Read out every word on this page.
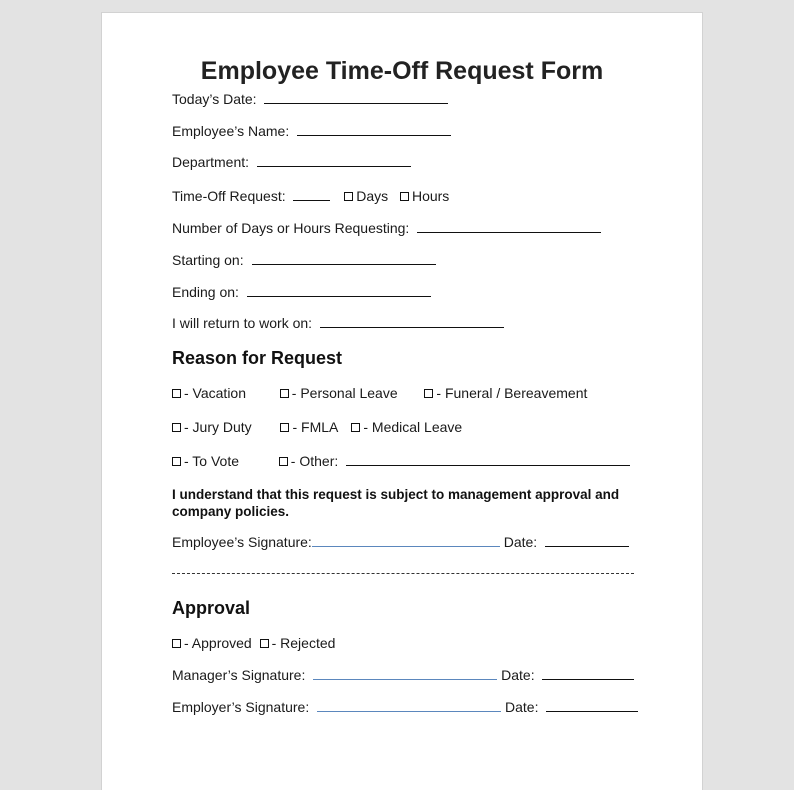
Employee Time-Off Request Form
Today’s Date:
Employee’s Name:
Department:
Time-Off Request:	Days Hours
Number of Days or Hours Requesting:
Starting on:
Ending on:
I will return to work on:
Reason for Request
- Vacation	- Personal Leave	- Funeral / Bereavement
- Jury Duty	- FMLA - Medical Leave
- To Vote	- Other:
I understand that this request is subject to management approval and company policies.
Employee’s Signature:	Date:
Approval
- Approved - Rejected
Manager’s Signature:	Date:
Employer’s Signature:	Date:
